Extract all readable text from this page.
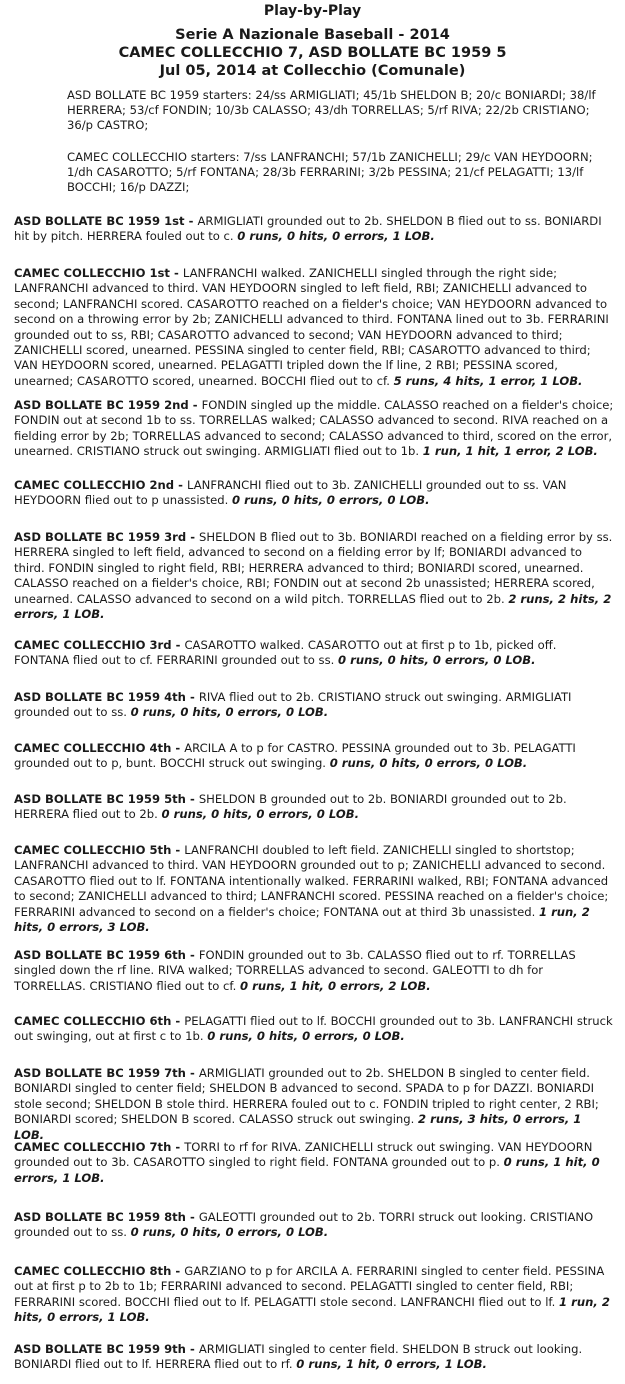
Play-by-Play
Serie A Nazionale Baseball - 2014
CAMEC COLLECCHIO 7, ASD BOLLATE BC 1959 5
Jul 05, 2014 at Collecchio (Comunale)
ASD BOLLATE BC 1959 starters: 24/ss ARMIGLIATI; 45/1b SHELDON B; 20/c BONIARDI; 38/lf HERRERA; 53/cf FONDIN; 10/3b CALASSO; 43/dh TORRELLAS; 5/rf RIVA; 22/2b CRISTIANO; 36/p CASTRO;
CAMEC COLLECCHIO starters: 7/ss LANFRANCHI; 57/1b ZANICHELLI; 29/c VAN HEYDOORN; 1/dh CASAROTTO; 5/rf FONTANA; 28/3b FERRARINI; 3/2b PESSINA; 21/cf PELAGATTI; 13/lf BOCCHI; 16/p DAZZI;

ASD BOLLATE BC 1959 1st - ARMIGLIATI grounded out to 2b. SHELDON B flied out to ss. BONIARDI hit by pitch. HERRERA fouled out to c. 0 runs, 0 hits, 0 errors, 1 LOB.

CAMEC COLLECCHIO 1st - LANFRANCHI walked. ZANICHELLI singled through the right side; LANFRANCHI advanced to third. VAN HEYDOORN singled to left field, RBI; ZANICHELLI advanced to second; LANFRANCHI scored. CASAROTTO reached on a fielder's choice; VAN HEYDOORN advanced to second on a throwing error by 2b; ZANICHELLI advanced to third. FONTANA lined out to 3b. FERRARINI grounded out to ss, RBI; CASAROTTO advanced to second; VAN HEYDOORN advanced to third; ZANICHELLI scored, unearned. PESSINA singled to center field, RBI; CASAROTTO advanced to third; VAN HEYDOORN scored, unearned. PELAGATTI tripled down the lf line, 2 RBI; PESSINA scored, unearned; CASAROTTO scored, unearned. BOCCHI flied out to cf. 5 runs, 4 hits, 1 error, 1 LOB.

ASD BOLLATE BC 1959 2nd - FONDIN singled up the middle. CALASSO reached on a fielder's choice; FONDIN out at second 1b to ss. TORRELLAS walked; CALASSO advanced to second. RIVA reached on a fielding error by 2b; TORRELLAS advanced to second; CALASSO advanced to third, scored on the error, unearned. CRISTIANO struck out swinging. ARMIGLIATI flied out to 1b. 1 run, 1 hit, 1 error, 2 LOB.

CAMEC COLLECCHIO 2nd - LANFRANCHI flied out to 3b. ZANICHELLI grounded out to ss. VAN HEYDOORN flied out to p unassisted. 0 runs, 0 hits, 0 errors, 0 LOB.

ASD BOLLATE BC 1959 3rd - SHELDON B flied out to 3b. BONIARDI reached on a fielding error by ss. HERRERA singled to left field, advanced to second on a fielding error by lf; BONIARDI advanced to third. FONDIN singled to right field, RBI; HERRERA advanced to third; BONIARDI scored, unearned. CALASSO reached on a fielder's choice, RBI; FONDIN out at second 2b unassisted; HERRERA scored, unearned. CALASSO advanced to second on a wild pitch. TORRELLAS flied out to 2b. 2 runs, 2 hits, 2 errors, 1 LOB.

CAMEC COLLECCHIO 3rd - CASAROTTO walked. CASAROTTO out at first p to 1b, picked off. FONTANA flied out to cf. FERRARINI grounded out to ss. 0 runs, 0 hits, 0 errors, 0 LOB.

ASD BOLLATE BC 1959 4th - RIVA flied out to 2b. CRISTIANO struck out swinging. ARMIGLIATI grounded out to ss. 0 runs, 0 hits, 0 errors, 0 LOB.

CAMEC COLLECCHIO 4th - ARCILA A to p for CASTRO. PESSINA grounded out to 3b. PELAGATTI grounded out to p, bunt. BOCCHI struck out swinging. 0 runs, 0 hits, 0 errors, 0 LOB.

ASD BOLLATE BC 1959 5th - SHELDON B grounded out to 2b. BONIARDI grounded out to 2b. HERRERA flied out to 2b. 0 runs, 0 hits, 0 errors, 0 LOB.

CAMEC COLLECCHIO 5th - LANFRANCHI doubled to left field. ZANICHELLI singled to shortstop; LANFRANCHI advanced to third. VAN HEYDOORN grounded out to p; ZANICHELLI advanced to second. CASAROTTO flied out to lf. FONTANA intentionally walked. FERRARINI walked, RBI; FONTANA advanced to second; ZANICHELLI advanced to third; LANFRANCHI scored. PESSINA reached on a fielder's choice; FERRARINI advanced to second on a fielder's choice; FONTANA out at third 3b unassisted. 1 run, 2 hits, 0 errors, 3 LOB.

ASD BOLLATE BC 1959 6th - FONDIN grounded out to 3b. CALASSO flied out to rf. TORRELLAS singled down the rf line. RIVA walked; TORRELLAS advanced to second. GALEOTTI to dh for TORRELLAS. CRISTIANO flied out to cf. 0 runs, 1 hit, 0 errors, 2 LOB.

CAMEC COLLECCHIO 6th - PELAGATTI flied out to lf. BOCCHI grounded out to 3b. LANFRANCHI struck out swinging, out at first c to 1b. 0 runs, 0 hits, 0 errors, 0 LOB.

ASD BOLLATE BC 1959 7th - ARMIGLIATI grounded out to 2b. SHELDON B singled to center field. BONIARDI singled to center field; SHELDON B advanced to second. SPADA to p for DAZZI. BONIARDI stole second; SHELDON B stole third. HERRERA fouled out to c. FONDIN tripled to right center, 2 RBI; BONIARDI scored; SHELDON B scored. CALASSO struck out swinging. 2 runs, 3 hits, 0 errors, 1 LOB.

CAMEC COLLECCHIO 7th - TORRI to rf for RIVA. ZANICHELLI struck out swinging. VAN HEYDOORN grounded out to 3b. CASAROTTO singled to right field. FONTANA grounded out to p. 0 runs, 1 hit, 0 errors, 1 LOB.

ASD BOLLATE BC 1959 8th - GALEOTTI grounded out to 2b. TORRI struck out looking. CRISTIANO grounded out to ss. 0 runs, 0 hits, 0 errors, 0 LOB.

CAMEC COLLECCHIO 8th - GARZIANO to p for ARCILA A. FERRARINI singled to center field. PESSINA out at first p to 2b to 1b; FERRARINI advanced to second. PELAGATTI singled to center field, RBI; FERRARINI scored. BOCCHI flied out to lf. PELAGATTI stole second. LANFRANCHI flied out to lf. 1 run, 2 hits, 0 errors, 1 LOB.

ASD BOLLATE BC 1959 9th - ARMIGLIATI singled to center field. SHELDON B struck out looking. BONIARDI flied out to lf. HERRERA flied out to rf. 0 runs, 1 hit, 0 errors, 1 LOB.
